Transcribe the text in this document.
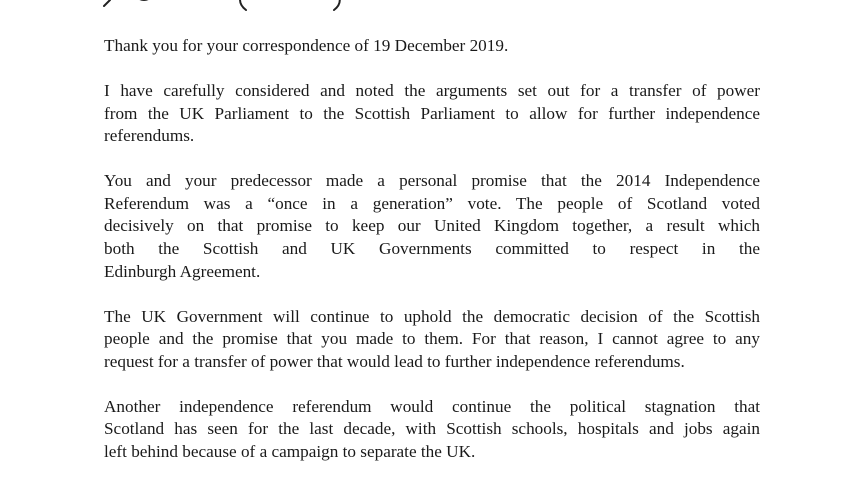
Thank you for your correspondence of 19 December 2019.

I have carefully considered and noted the arguments set out for a transfer of power
from the UK Parliament to the Scottish Parliament to allow for further independence
referendums.

You and your predecessor made a personal promise that the 2014 Independence
Referendum was a “once in a generation” vote. The people of Scotland voted
decisively on that promise to keep our United Kingdom together, a result which
both the Scottish and UK Governments committed to respect in the
Edinburgh Agreement.

The UK Government will continue to uphold the democratic decision of the Scottish
people and the promise that you made to them. For that reason, I cannot agree to any
request for a transfer of power that would lead to further independence referendums.

Another independence referendum would continue the political stagnation that
Scotland has seen for the last decade, with Scottish schools, hospitals and jobs again
left behind because of a campaign to separate the UK.
